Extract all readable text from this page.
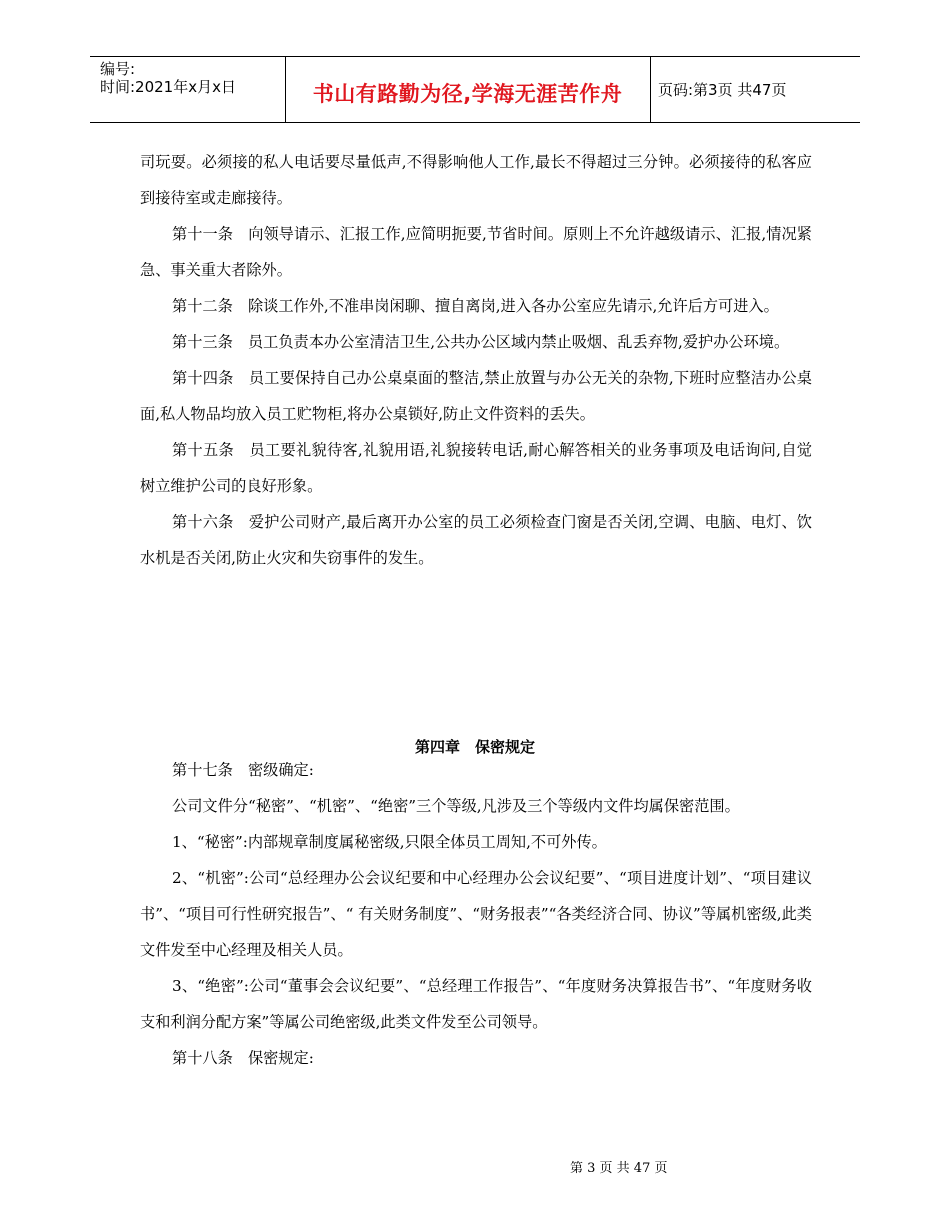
编号:
时间:2021年x月x日	书山有路勤为径,学海无涯苦作舟	页码:第3页 共47页

司玩耍。必须接的私人电话要尽量低声,不得影响他人工作,最长不得超过三分钟。必须接待的私客应到接待室或走廊接待。

第十一条　向领导请示、汇报工作,应简明扼要,节省时间。原则上不允许越级请示、汇报,情况紧急、事关重大者除外。

第十二条　除谈工作外,不准串岗闲聊、擅自离岗,进入各办公室应先请示,允许后方可进入。

第十三条　员工负责本办公室清洁卫生,公共办公区域内禁止吸烟、乱丢弃物,爱护办公环境。

第十四条　员工要保持自己办公桌桌面的整洁,禁止放置与办公无关的杂物,下班时应整洁办公桌面,私人物品均放入员工贮物柜,将办公桌锁好,防止文件资料的丢失。

第十五条　员工要礼貌待客,礼貌用语,礼貌接转电话,耐心解答相关的业务事项及电话询问,自觉树立维护公司的良好形象。

第十六条　爱护公司财产,最后离开办公室的员工必须检查门窗是否关闭,空调、电脑、电灯、饮水机是否关闭,防止火灾和失窃事件的发生。

第四章　保密规定

第十七条　密级确定:

公司文件分“秘密”、“机密”、“绝密”三个等级,凡涉及三个等级内文件均属保密范围。

1、“秘密”:内部规章制度属秘密级,只限全体员工周知,不可外传。

2、“机密”:公司“总经理办公会议纪要和中心经理办公会议纪要”、“项目进度计划”、“项目建议书”、“项目可行性研究报告”、“ 有关财务制度”、“财务报表”“各类经济合同、协议”等属机密级,此类文件发至中心经理及相关人员。

3、“绝密”:公司“董事会会议纪要”、“总经理工作报告”、“年度财务决算报告书”、“年度财务收支和利润分配方案”等属公司绝密级,此类文件发至公司领导。

第十八条　保密规定:

第 3 页 共 47 页
